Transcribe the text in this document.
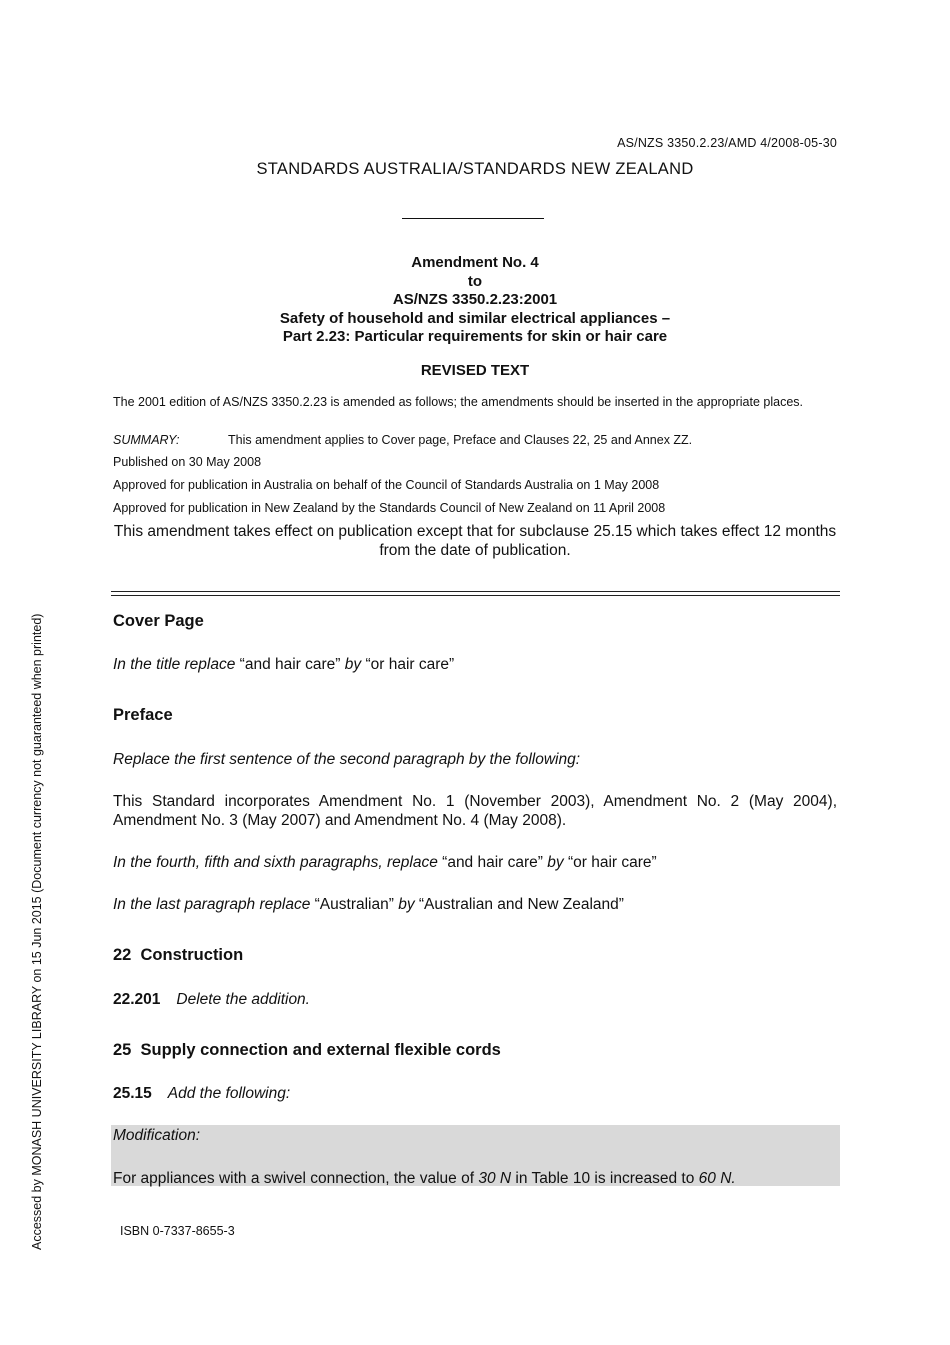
AS/NZS 3350.2.23/AMD 4/2008-05-30
STANDARDS AUSTRALIA/STANDARDS NEW ZEALAND
Amendment No. 4
to
AS/NZS 3350.2.23:2001
Safety of household and similar electrical appliances –
Part 2.23: Particular requirements for skin or hair care
REVISED TEXT
The 2001 edition of AS/NZS 3350.2.23 is amended as follows; the amendments should be inserted in the appropriate places.
SUMMARY:	This amendment applies to Cover page, Preface and Clauses 22, 25 and Annex ZZ.
Published on 30 May 2008
Approved for publication in Australia on behalf of the Council of Standards Australia on 1 May 2008
Approved for publication in New Zealand by the Standards Council of New Zealand on 11 April 2008
This amendment takes effect on publication except that for subclause 25.15 which takes effect 12 months from the date of publication.
Cover Page
In the title replace “and hair care” by “or hair care”
Preface
Replace the first sentence of the second paragraph by the following:
This Standard incorporates Amendment No. 1 (November 2003), Amendment No. 2 (May 2004), Amendment No. 3 (May 2007) and Amendment No. 4 (May 2008).
In the fourth, fifth and sixth paragraphs, replace “and hair care” by “or hair care”
In the last paragraph replace “Australian” by “Australian and New Zealand”
22  Construction
22.201 Delete the addition.
25  Supply connection and external flexible cords
25.15 Add the following:
Modification:
For appliances with a swivel connection, the value of 30 N in Table 10 is increased to 60 N.
ISBN 0-7337-8655-3
Accessed by MONASH UNIVERSITY LIBRARY on 15 Jun 2015 (Document currency not guaranteed when printed)
